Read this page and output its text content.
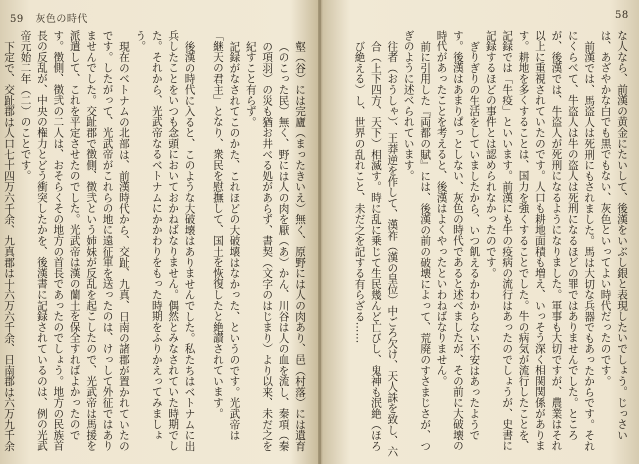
59 灰色の時代	58

な人なら、前漢の黄金にたいして、後漢をいぶし銀と表現したいでしょう。じっさいは、あざやかな白でも黒でもない、灰色といってよい時代だったのです。

前漢では、馬盗人は死刑にもされました。馬は大切な兵器でもあったからです。それにくらべて、牛盗人は牛の盗人は死刑になるほどの罪ではありませんでした。ところが、後漢では、牛盗人が死刑になるようになりました。軍事も大切ですが、農業はそれ以上に重視されていたのです。人口も耕地面積も増え、いっそう深く相関関係があります。耕地を多くすることは、国力を強くすることでした。牛の病気が流行したことを、記録では「牛疫」といいます。前漢にも牛の疫病の流行はあったのでしょうが、史書に記録するほどの事件とは認められなかったのです。

ぎりぎりの生活をしていましたから、いつ飢えるかわからない不安はあったようです。後漢はあまりぱっとしない、灰色の時代であると述べましたが、その前に大破壊の時代があったことを考えると、後漢はよくやったといわねばなりません。

前に引用した『両都の賦』には、後漢の前の破壊によって、荒廃のすさまじさが、つぎのように述べられています。

往者（おうしゃ）、王莽逆を作して、漢祚（漢の皇位）中ごろ欠け、天人誅を致し、六合（上下四方、天下）相滅す。時に乱に乗じて生民幾んど亡びし、鬼神も泯絶（ほろび絶える）し、世界の乱れこと、未だ之を記する有らざる……

壑（谷）には完廬（まったきいえ）無く、原野には人の肉あり、邑（村落）には遺育（のこった民）無く、野には人の肉を厭（あ）かん、川谷は人の血を流し、秦項（秦の項羽）の災も猶お井べる処があらず、書契（文字のはじまり）より以来、未だ之を紀すこと有らず。

記録がなされてこのかた、これほどの大破壊はなかった、というのです。光武帝は「継天の君主」となり、衆民を慰撫して、国土を恢復したと絶讃されています。

後漢の時代に入ると、このような大破壊はありませんでした。私たちはベトナムに出兵したことをいつも念頭においておかねばなりません。偶然とみなされていた時期でした。それから、光武帝なるベトナムにかかわりをもった時期をふりかえってみましょう。

現在のベトナムの北部は、前漢時代から、交趾、九真、日南の諸郡が置かれていたのです。したがって、光武帝がこれらの地に遠征軍を送ったのは、けっして外征ではありませんでした。交趾郡で徴側、徴弐という姉妹が反乱を起こしたので、光武帝は馬援を派遣して、これを平定させたのでした。光武帝は漢の蘭土を保全すればよかったのです。徴側、徴弐の二人は、おそらくその地方の首長であったのでしょう。地方の民族首長の反乱が、中央の権力とどう衝突したかを、後漢書に記録されているのは、例の光武帝元始二年（二）のことです。

下定で、交趾郡は人口七十四万六千余、九真郡は十六万六千余、日南郡は六万九千余
